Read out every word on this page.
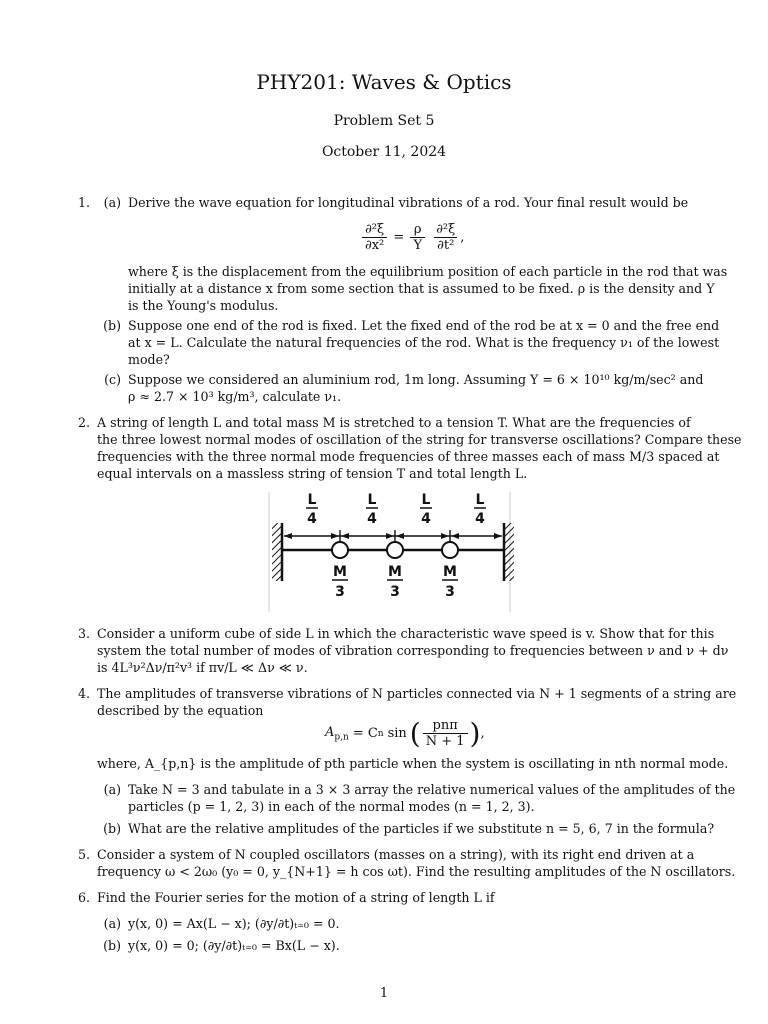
PHY201: Waves & Optics
Problem Set 5
October 11, 2024
1.	(a) Derive the wave equation for longitudinal vibrations of a rod. Your final result would be
$\frac{\text{∂²ξ}}{\text{∂x²}} = \frac{\rho}{Y}$
$\frac{\text{∂²ξ}}{\text{∂t²}}$ ,
where ξ is the displacement from the equilibrium position of each particle in the rod that was
initially at a distance x from some section that is assumed to be fixed. ρ is the density and Y
is the Young's modulus.
(b) Suppose one end of the rod is fixed. Let the fixed end of the rod be at x = 0 and the free end
at x = L. Calculate the natural frequencies of the rod. What is the frequency ν₁ of the lowest
mode?
(c) Suppose we considered an aluminium rod, 1m long. Assuming Y = 6 × 10¹⁰ kg/m/sec² and
ρ ≈ 2.7 × 10³ kg/m³, calculate ν₁.
2. A string of length L and total mass M is stretched to a tension T. What are the frequencies of
the three lowest normal modes of oscillation of the string for transverse oscillations? Compare these
frequencies with the three normal mode frequencies of three masses each of mass M/3 spaced at
equal intervals on a massless string of tension T and total length L.
L
4
L
4
L
4
L
4
M
3
M
3
M
3
3. Consider a uniform cube of side L in which the characteristic wave speed is v. Show that for this
system the total number of modes of vibration corresponding to frequencies between ν and ν + dν
is 4L³ν²Δν/π²v³ if πv/L ≪ Δν ≪ ν.
4. The amplitudes of transverse vibrations of N particles connected via N + 1 segments of a string are
described by the equation
$A_{p,n} = C$ n sin ( $\frac{\text{pnπ}}{N + 1}$ ) ,
where, A_{p,n} is the amplitude of pth particle when the system is oscillating in nth normal mode.
(a) Take N = 3 and tabulate in a 3 × 3 array the relative numerical values of the amplitudes of the
particles (p = 1, 2, 3) in each of the normal modes (n = 1, 2, 3).
(b) What are the relative amplitudes of the particles if we substitute n = 5, 6, 7 in the formula?
5. Consider a system of N coupled oscillators (masses on a string), with its right end driven at a
frequency ω < 2ω₀ (y₀ = 0, y_{N+1} = h cos ωt). Find the resulting amplitudes of the N oscillators.
6. Find the Fourier series for the motion of a string of length L if
(a) y(x, 0) = Ax(L − x); (∂y/∂t)ₜ₌₀ = 0.
(b) y(x, 0) = 0; (∂y/∂t)ₜ₌₀ = Bx(L − x).
1
